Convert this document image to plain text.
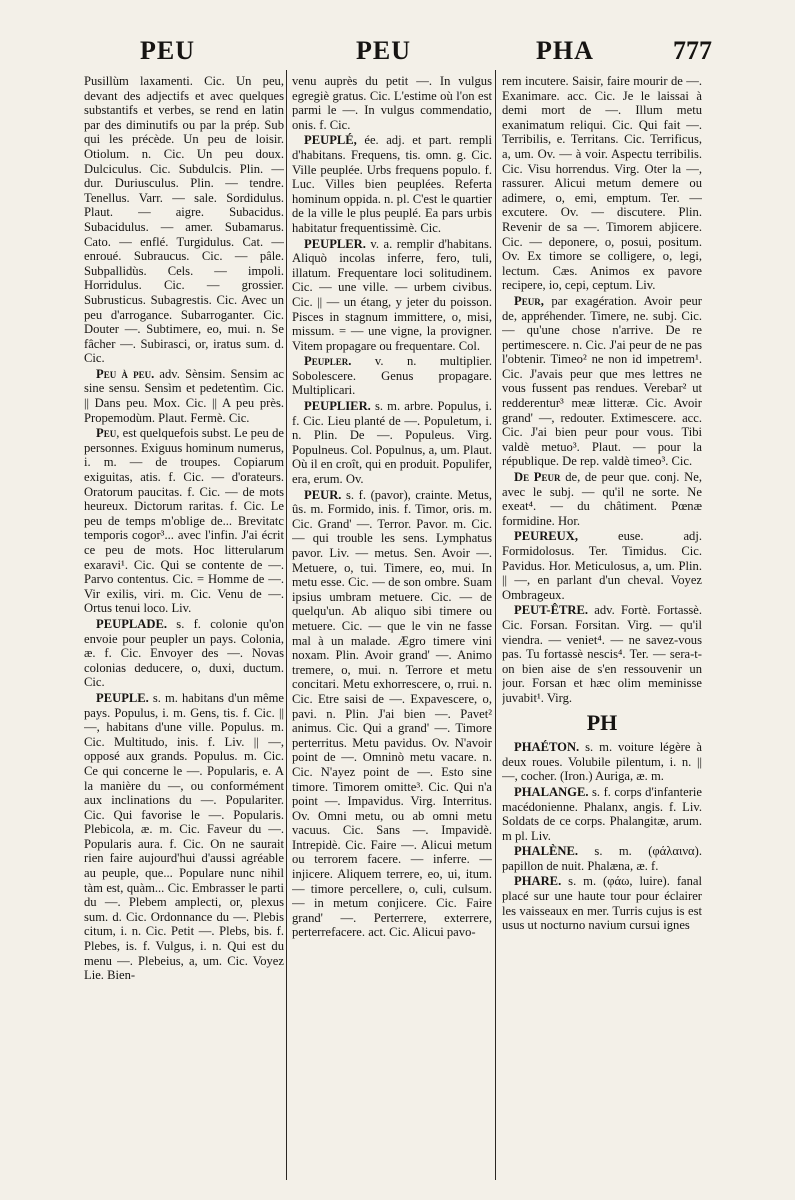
PEU	PEU	PHA	777

Pusillùm laxamenti. Cic. Un peu, devant des adjectifs et avec quelques substantifs et verbes, se rend en latin par des diminutifs ou par la prép. Sub qui les précède. Un peu de loisir. Otiolum. n. Cic. Un peu doux. Dulciculus. Cic. Subdulcis. Plin. — dur. Duriusculus. Plin. — tendre. Tenellus. Varr. — sale. Sordidulus. Plaut. — aigre. Subacidus. Subacidulus. — amer. Subamarus. Cato. — enflé. Turgidulus. Cat. — enroué. Subraucus. Cic. — pâle. Subpallidùs. Cels. — impoli. Horridulus. Cic. — grossier. Subrusticus. Subagrestis. Cic. Avec un peu d'arrogance. Subarroganter. Cic. Douter —. Subtimere, eo, mui. n. Se fâcher —. Subirasci, or, iratus sum. d. Cic.

Peu à peu. adv. Sènsim. Sensim ac sine sensu. Sensìm et pedetentìm. Cic. || Dans peu. Mox. Cic. || A peu près. Propemodùm. Plaut. Fermè. Cic.

Peu, est quelquefois subst. Le peu de personnes. Exiguus hominum numerus, i. m. — de troupes. Copiarum exiguitas, atis. f. Cic. — d'orateurs. Oratorum paucitas. f. Cic. — de mots heureux. Dictorum raritas. f. Cic. Le peu de temps m'oblige de... Brevitatc temporis cogor³... avec l'infin. J'ai écrit ce peu de mots. Hoc litterularum exaravi¹. Cic. Qui se contente de —. Parvo contentus. Cic. = Homme de —. Vir exilis, viri. m. Cic. Venu de —. Ortus tenui loco. Liv.

PEUPLADE. s. f. colonie qu'on envoie pour peupler un pays. Colonia, æ. f. Cic. Envoyer des —. Novas colonias deducere, o, duxi, ductum. Cic.

PEUPLE. s. m. habitans d'un même pays. Populus, i. m. Gens, tis. f. Cic. || —, habitans d'une ville. Populus. m. Cic. Multitudo, inis. f. Liv. || —, opposé aux grands. Populus. m. Cic. Ce qui concerne le —. Popularis, e. A la manière du —, ou conformément aux inclinations du —. Populariter. Cic. Qui favorise le —. Popularis. Plebicola, æ. m. Cic. Faveur du —. Popularis aura. f. Cic. On ne saurait rien faire aujourd'hui d'aussi agréable au peuple, que... Populare nunc nihil tàm est, quàm... Cic. Embrasser le parti du —. Plebem amplecti, or, plexus sum. d. Cic. Ordonnance du —. Plebis citum, i. n. Cic. Petit —. Plebs, bis. f. Plebes, is. f. Vulgus, i. n. Qui est du menu —. Plebeius, a, um. Cic. Voyez Lie. Bien-

venu auprès du petit —. In vulgus egregiè gratus. Cic. L'estime où l'on est parmi le —. In vulgus commendatio, onis. f. Cic.

PEUPLÉ, ée. adj. et part. rempli d'habitans. Frequens, tis. omn. g. Cic. Ville peuplée. Urbs frequens populo. f. Luc. Villes bien peuplées. Referta hominum oppida. n. pl. C'est le quartier de la ville le plus peuplé. Ea pars urbis habitatur frequentissimè. Cic.

PEUPLER. v. a. remplir d'habitans. Aliquò incolas inferre, fero, tuli, illatum. Frequentare loci solitudinem. Cic. — une ville. — urbem civibus. Cic. || — un étang, y jeter du poisson. Pisces in stagnum immittere, o, misi, missum. = — une vigne, la provigner. Vitem propagare ou frequentare. Col.

Peupler. v. n. multiplier. Sobolescere. Genus propagare. Multiplicari.

PEUPLIER. s. m. arbre. Populus, i. f. Cic. Lieu planté de —. Populetum, i. n. Plin. De —. Populeus. Virg. Populneus. Col. Populnus, a, um. Plaut. Où il en croît, qui en produit. Populifer, era, erum. Ov.

PEUR. s. f. (pavor), crainte. Metus, ûs. m. Formido, inis. f. Timor, oris. m. Cic. Grand' —. Terror. Pavor. m. Cic. — qui trouble les sens. Lymphatus pavor. Liv. — metus. Sen. Avoir —. Metuere, o, tui. Timere, eo, mui. In metu esse. Cic. — de son ombre. Suam ipsius umbram metuere. Cic. — de quelqu'un. Ab aliquo sibi timere ou metuere. Cic. — que le vin ne fasse mal à un malade. Ægro timere vini noxam. Plin. Avoir grand' —. Animo tremere, o, mui. n. Terrore et metu concitari. Metu exhorrescere, o, rrui. n. Cic. Etre saisi de —. Expavescere, o, pavi. n. Plin. J'ai bien —. Pavet² animus. Cic. Qui a grand' —. Timore perterritus. Metu pavidus. Ov. N'avoir point de —. Omninò metu vacare. n. Cic. N'ayez point de —. Esto sine timore. Timorem omitte³. Cic. Qui n'a point —. Impavidus. Virg. Interritus. Ov. Omni metu, ou ab omni metu vacuus. Cic. Sans —. Impavidè. Intrepidè. Cic. Faire —. Alicui metum ou terrorem facere. — inferre. — injicere. Aliquem terrere, eo, ui, itum. — timore percellere, o, culi, culsum. — in metum conjicere. Cic. Faire grand' —. Perterrere, exterrere, perterrefacere. act. Cic. Alicui pavo-

rem incutere. Saisir, faire mourir de —. Exanimare. acc. Cic. Je le laissai à demi mort de —. Illum metu exanimatum reliqui. Cic. Qui fait —. Terribilis, e. Territans. Cic. Terrificus, a, um. Ov. — à voir. Aspectu terribilis. Cic. Visu horrendus. Virg. Oter la —, rassurer. Alicui metum demere ou adimere, o, emi, emptum. Ter. — excutere. Ov. — discutere. Plin. Revenir de sa —. Timorem abjicere. Cic. — deponere, o, posui, positum. Ov. Ex timore se colligere, o, legi, lectum. Cæs. Animos ex pavore recipere, io, cepi, ceptum. Liv.

Peur, par exagération. Avoir peur de, appréhender. Timere, ne. subj. Cic. — qu'une chose n'arrive. De re pertimescere. n. Cic. J'ai peur de ne pas l'obtenir. Timeo² ne non id impetrem¹. Cic. J'avais peur que mes lettres ne vous fussent pas rendues. Verebar² ut redderentur³ meæ litteræ. Cic. Avoir grand' —, redouter. Extimescere. acc. Cic. J'ai bien peur pour vous. Tibi valdè metuo³. Plaut. — pour la république. De rep. valdè timeo³. Cic.

De Peur de, de peur que. conj. Ne, avec le subj. — qu'il ne sorte. Ne exeat⁴. — du châtiment. Pœnæ formidine. Hor.

PEUREUX, euse. adj. Formidolosus. Ter. Timidus. Cic. Pavidus. Hor. Meticulosus, a, um. Plin. || —, en parlant d'un cheval. Voyez Ombrageux.

PEUT-ÊTRE. adv. Fortè. Fortassè. Cic. Forsan. Forsitan. Virg. — qu'il viendra. — veniet⁴. — ne savez-vous pas. Tu fortassè nescis⁴. Ter. — sera-t-on bien aise de s'en ressouvenir un jour. Forsan et hæc olim meminisse juvabit¹. Virg.

PH

PHAÉTON. s. m. voiture légère à deux roues. Volubile pilentum, i. n. || —, cocher. (Iron.) Auriga, æ. m.

PHALANGE. s. f. corps d'infanterie macédonienne. Phalanx, angis. f. Liv. Soldats de ce corps. Phalangitæ, arum. m pl. Liv.

PHALÈNE. s. m. (φάλαινα). papillon de nuit. Phalæna, æ. f.

PHARE. s. m. (φάω, luire). fanal placé sur une haute tour pour éclairer les vaisseaux en mer. Turris cujus is est usus ut nocturno navium cursui ignes
